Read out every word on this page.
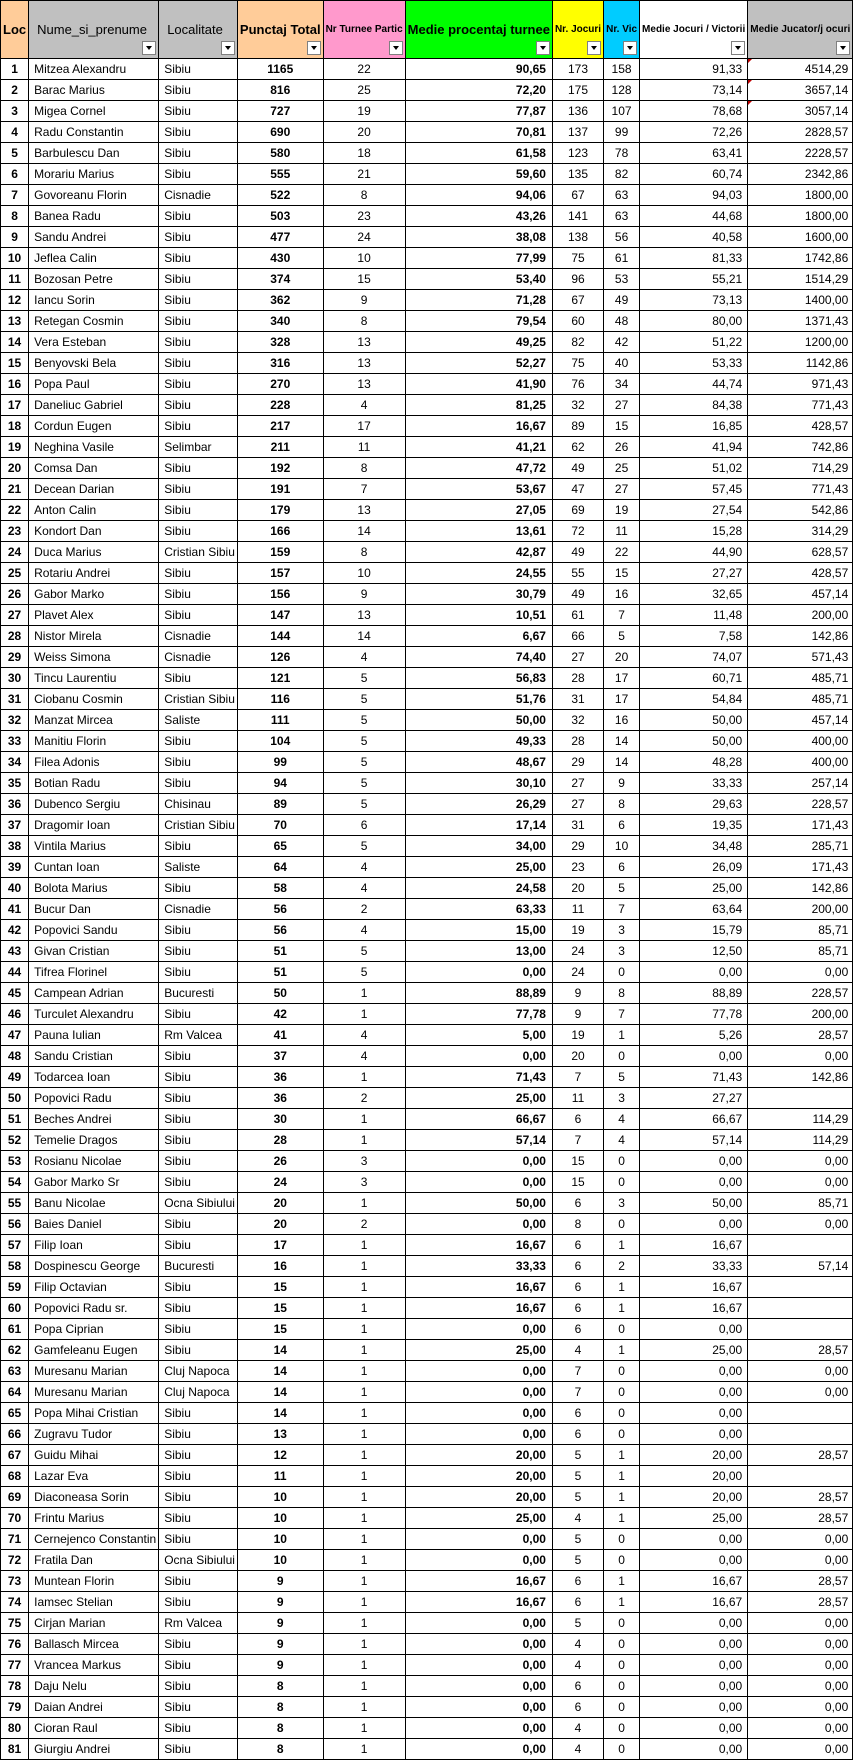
Loc	Nume_si_prenume	Localitate	Punctaj Total	Nr Turnee Partic	Medie procentaj turnee	Nr. Jocuri	Nr. Vic	Medie Jocuri / Victorii	Medie Jucator/j ocuri

1	Mitzea Alexandru	Sibiu	1165	22	90,65	173	158	91,33	4514,29
2	Barac Marius	Sibiu	816	25	72,20	175	128	73,14	3657,14
3	Migea Cornel	Sibiu	727	19	77,87	136	107	78,68	3057,14
4	Radu Constantin	Sibiu	690	20	70,81	137	99	72,26	2828,57
5	Barbulescu Dan	Sibiu	580	18	61,58	123	78	63,41	2228,57
6	Morariu Marius	Sibiu	555	21	59,60	135	82	60,74	2342,86
7	Govoreanu Florin	Cisnadie	522	8	94,06	67	63	94,03	1800,00
8	Banea Radu	Sibiu	503	23	43,26	141	63	44,68	1800,00
9	Sandu Andrei	Sibiu	477	24	38,08	138	56	40,58	1600,00
10	Jeflea Calin	Sibiu	430	10	77,99	75	61	81,33	1742,86
11	Bozosan Petre	Sibiu	374	15	53,40	96	53	55,21	1514,29
12	Iancu Sorin	Sibiu	362	9	71,28	67	49	73,13	1400,00
13	Retegan Cosmin	Sibiu	340	8	79,54	60	48	80,00	1371,43
14	Vera Esteban	Sibiu	328	13	49,25	82	42	51,22	1200,00
15	Benyovski Bela	Sibiu	316	13	52,27	75	40	53,33	1142,86
16	Popa Paul	Sibiu	270	13	41,90	76	34	44,74	971,43
17	Daneliuc Gabriel	Sibiu	228	4	81,25	32	27	84,38	771,43
18	Cordun Eugen	Sibiu	217	17	16,67	89	15	16,85	428,57
19	Neghina Vasile	Selimbar	211	11	41,21	62	26	41,94	742,86
20	Comsa Dan	Sibiu	192	8	47,72	49	25	51,02	714,29
21	Decean Darian	Sibiu	191	7	53,67	47	27	57,45	771,43
22	Anton Calin	Sibiu	179	13	27,05	69	19	27,54	542,86
23	Kondort Dan	Sibiu	166	14	13,61	72	11	15,28	314,29
24	Duca Marius	Cristian Sibiu	159	8	42,87	49	22	44,90	628,57
25	Rotariu Andrei	Sibiu	157	10	24,55	55	15	27,27	428,57
26	Gabor Marko	Sibiu	156	9	30,79	49	16	32,65	457,14
27	Plavet Alex	Sibiu	147	13	10,51	61	7	11,48	200,00
28	Nistor Mirela	Cisnadie	144	14	6,67	66	5	7,58	142,86
29	Weiss Simona	Cisnadie	126	4	74,40	27	20	74,07	571,43
30	Tincu Laurentiu	Sibiu	121	5	56,83	28	17	60,71	485,71
31	Ciobanu Cosmin	Cristian Sibiu	116	5	51,76	31	17	54,84	485,71
32	Manzat Mircea	Saliste	111	5	50,00	32	16	50,00	457,14
33	Manitiu Florin	Sibiu	104	5	49,33	28	14	50,00	400,00
34	Filea Adonis	Sibiu	99	5	48,67	29	14	48,28	400,00
35	Botian Radu	Sibiu	94	5	30,10	27	9	33,33	257,14
36	Dubenco Sergiu	Chisinau	89	5	26,29	27	8	29,63	228,57
37	Dragomir Ioan	Cristian Sibiu	70	6	17,14	31	6	19,35	171,43
38	Vintila Marius	Sibiu	65	5	34,00	29	10	34,48	285,71
39	Cuntan Ioan	Saliste	64	4	25,00	23	6	26,09	171,43
40	Bolota Marius	Sibiu	58	4	24,58	20	5	25,00	142,86
41	Bucur Dan	Cisnadie	56	2	63,33	11	7	63,64	200,00
42	Popovici Sandu	Sibiu	56	4	15,00	19	3	15,79	85,71
43	Givan Cristian	Sibiu	51	5	13,00	24	3	12,50	85,71
44	Tifrea Florinel	Sibiu	51	5	0,00	24	0	0,00	0,00
45	Campean Adrian	Bucuresti	50	1	88,89	9	8	88,89	228,57
46	Turculet Alexandru	Sibiu	42	1	77,78	9	7	77,78	200,00
47	Pauna Iulian	Rm Valcea	41	4	5,00	19	1	5,26	28,57
48	Sandu Cristian	Sibiu	37	4	0,00	20	0	0,00	0,00
49	Todarcea Ioan	Sibiu	36	1	71,43	7	5	71,43	142,86
50	Popovici Radu	Sibiu	36	2	25,00	11	3	27,27	
51	Beches Andrei	Sibiu	30	1	66,67	6	4	66,67	114,29
52	Temelie Dragos	Sibiu	28	1	57,14	7	4	57,14	114,29
53	Rosianu Nicolae	Sibiu	26	3	0,00	15	0	0,00	0,00
54	Gabor Marko Sr	Sibiu	24	3	0,00	15	0	0,00	0,00
55	Banu Nicolae	Ocna Sibiului	20	1	50,00	6	3	50,00	85,71
56	Baies Daniel	Sibiu	20	2	0,00	8	0	0,00	0,00
57	Filip Ioan	Sibiu	17	1	16,67	6	1	16,67	
58	Dospinescu George	Bucuresti	16	1	33,33	6	2	33,33	57,14
59	Filip Octavian	Sibiu	15	1	16,67	6	1	16,67	
60	Popovici Radu sr.	Sibiu	15	1	16,67	6	1	16,67	
61	Popa Ciprian	Sibiu	15	1	0,00	6	0	0,00	
62	Gamfeleanu Eugen	Sibiu	14	1	25,00	4	1	25,00	28,57
63	Muresanu Marian	Cluj Napoca	14	1	0,00	7	0	0,00	0,00
64	Muresanu Marian	Cluj Napoca	14	1	0,00	7	0	0,00	0,00
65	Popa Mihai Cristian	Sibiu	14	1	0,00	6	0	0,00	
66	Zugravu Tudor	Sibiu	13	1	0,00	6	0	0,00	
67	Guidu Mihai	Sibiu	12	1	20,00	5	1	20,00	28,57
68	Lazar Eva	Sibiu	11	1	20,00	5	1	20,00	
69	Diaconeasa Sorin	Sibiu	10	1	20,00	5	1	20,00	28,57
70	Frintu Marius	Sibiu	10	1	25,00	4	1	25,00	28,57
71	Cernejenco Constantin	Sibiu	10	1	0,00	5	0	0,00	0,00
72	Fratila Dan	Ocna Sibiului	10	1	0,00	5	0	0,00	0,00
73	Muntean Florin	Sibiu	9	1	16,67	6	1	16,67	28,57
74	Iamsec Stelian	Sibiu	9	1	16,67	6	1	16,67	28,57
75	Cirjan Marian	Rm Valcea	9	1	0,00	5	0	0,00	0,00
76	Ballasch Mircea	Sibiu	9	1	0,00	4	0	0,00	0,00
77	Vrancea Markus	Sibiu	9	1	0,00	4	0	0,00	0,00
78	Daju Nelu	Sibiu	8	1	0,00	6	0	0,00	0,00
79	Daian Andrei	Sibiu	8	1	0,00	6	0	0,00	0,00
80	Cioran Raul	Sibiu	8	1	0,00	4	0	0,00	0,00
81	Giurgiu Andrei	Sibiu	8	1	0,00	4	0	0,00	0,00
